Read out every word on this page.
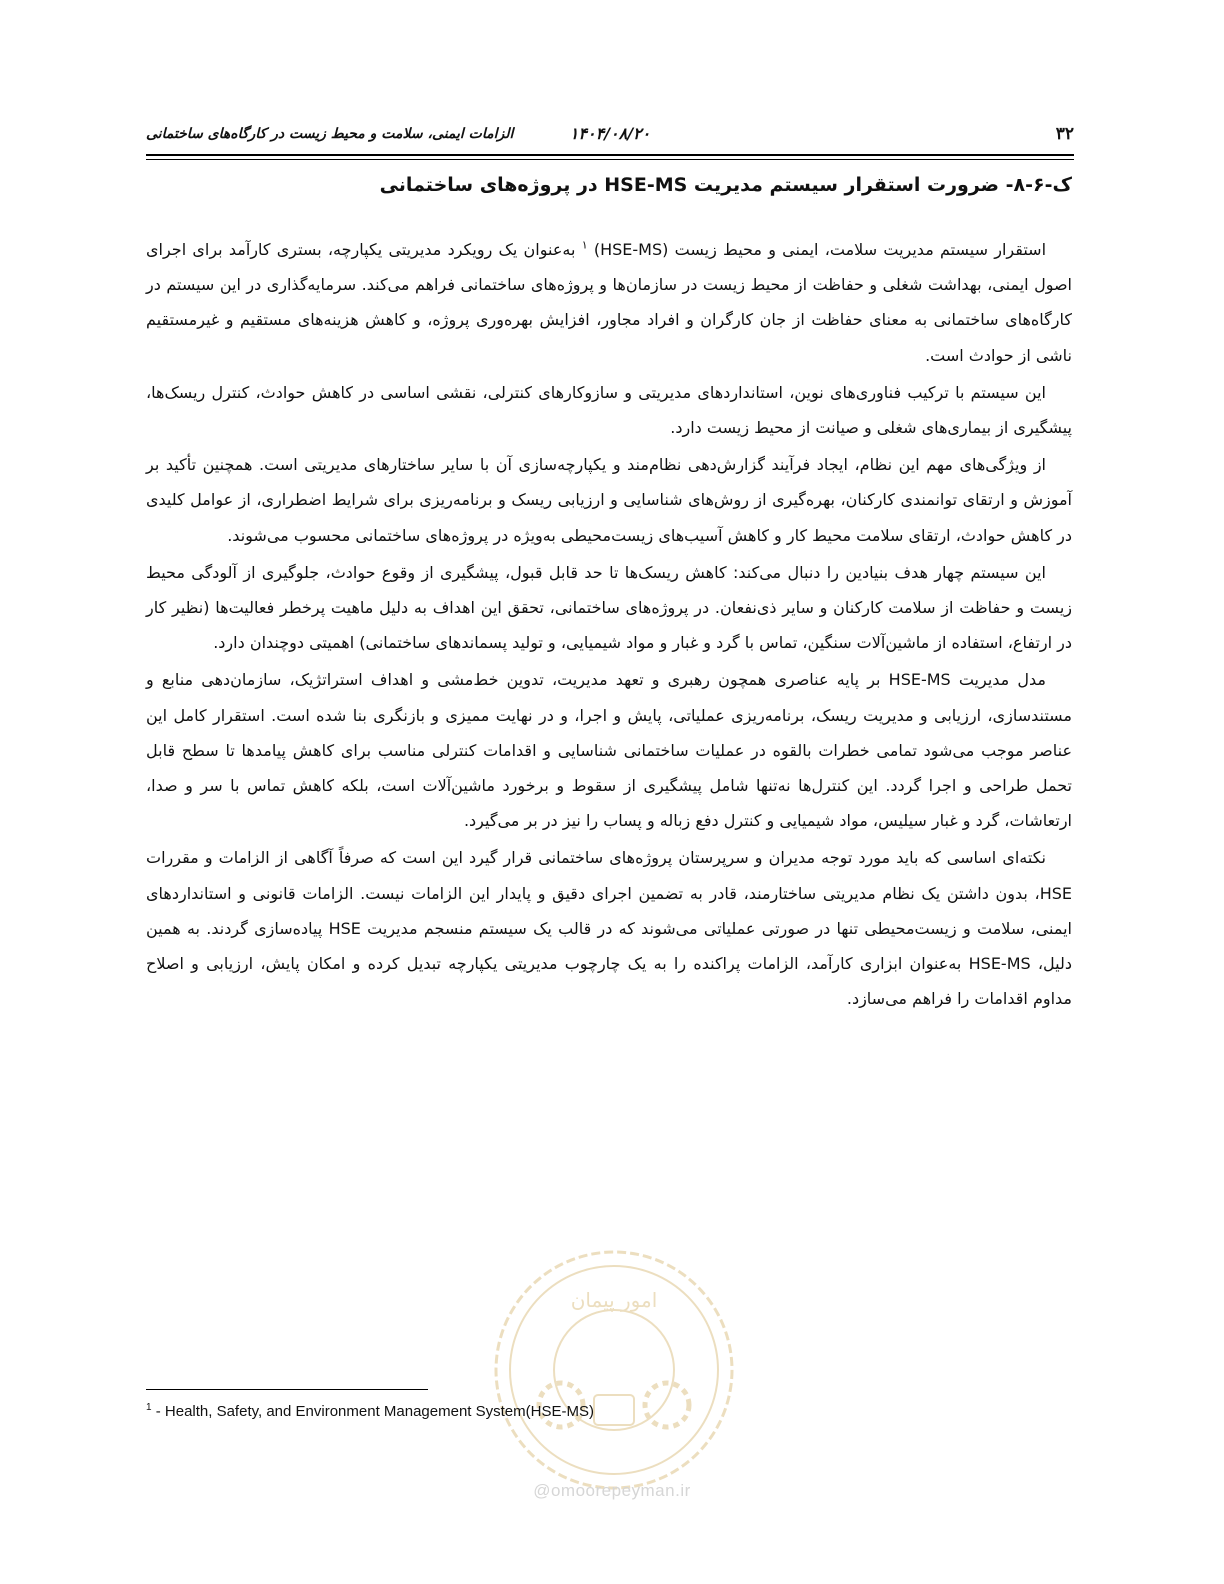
۳۲
۱۴۰۴/۰۸/۲۰
الزامات ایمنی، سلامت و محیط زیست در کارگاه‌های ساختمانی
ک-۶-۸- ضرورت استقرار سیستم مدیریت HSE-MS در پروژه‌های ساختمانی

استقرار سیستم مدیریت سلامت، ایمنی و محیط زیست (HSE-MS) $^۱$ به‌عنوان یک رویکرد مدیریتی یکپارچه، بستری کارآمد برای اجرای اصول ایمنی، بهداشت شغلی و حفاظت از محیط زیست در سازمان‌ها و پروژه‌های ساختمانی فراهم می‌کند. سرمایه‌گذاری در این سیستم در کارگاه‌های ساختمانی به معنای حفاظت از جان کارگران و افراد مجاور، افزایش بهره‌وری پروژه، و کاهش هزینه‌های مستقیم و غیرمستقیم ناشی از حوادث است.

این سیستم با ترکیب فناوری‌های نوین، استانداردهای مدیریتی و سازوکارهای کنترلی، نقشی اساسی در کاهش حوادث، کنترل ریسک‌ها، پیشگیری از بیماری‌های شغلی و صیانت از محیط زیست دارد.

از ویژگی‌های مهم این نظام، ایجاد فرآیند گزارش‌دهی نظام‌مند و یکپارچه‌سازی آن با سایر ساختارهای مدیریتی است. همچنین تأکید بر آموزش و ارتقای توانمندی کارکنان، بهره‌گیری از روش‌های شناسایی و ارزیابی ریسک و برنامه‌ریزی برای شرایط اضطراری، از عوامل کلیدی در کاهش حوادث، ارتقای سلامت محیط کار و کاهش آسیب‌های زیست‌محیطی به‌ویژه در پروژه‌های ساختمانی محسوب می‌شوند.

این سیستم چهار هدف بنیادین را دنبال می‌کند: کاهش ریسک‌ها تا حد قابل قبول، پیشگیری از وقوع حوادث، جلوگیری از آلودگی محیط زیست و حفاظت از سلامت کارکنان و سایر ذی‌نفعان. در پروژه‌های ساختمانی، تحقق این اهداف به دلیل ماهیت پرخطر فعالیت‌ها (نظیر کار در ارتفاع، استفاده از ماشین‌آلات سنگین، تماس با گرد و غبار و مواد شیمیایی، و تولید پسماندهای ساختمانی) اهمیتی دوچندان دارد.

مدل مدیریت HSE-MS بر پایه عناصری همچون رهبری و تعهد مدیریت، تدوین خط‌مشی و اهداف استراتژیک، سازمان‌دهی منابع و مستندسازی، ارزیابی و مدیریت ریسک، برنامه‌ریزی عملیاتی، پایش و اجرا، و در نهایت ممیزی و بازنگری بنا شده است. استقرار کامل این عناصر موجب می‌شود تمامی خطرات بالقوه در عملیات ساختمانی شناسایی و اقدامات کنترلی مناسب برای کاهش پیامدها تا سطح قابل تحمل طراحی و اجرا گردد. این کنترل‌ها نه‌تنها شامل پیشگیری از سقوط و برخورد ماشین‌آلات است، بلکه کاهش تماس با سر و صدا، ارتعاشات، گرد و غبار سیلیس، مواد شیمیایی و کنترل دفع زباله و پساب را نیز در بر می‌گیرد.

نکته‌ای اساسی که باید مورد توجه مدیران و سرپرستان پروژه‌های ساختمانی قرار گیرد این است که صرفاً آگاهی از الزامات و مقررات HSE، بدون داشتن یک نظام مدیریتی ساختارمند، قادر به تضمین اجرای دقیق و پایدار این الزامات نیست. الزامات قانونی و استانداردهای ایمنی، سلامت و زیست‌محیطی تنها در صورتی عملیاتی می‌شوند که در قالب یک سیستم منسجم مدیریت HSE پیاده‌سازی گردند. به همین دلیل، HSE-MS به‌عنوان ابزاری کارآمد، الزامات پراکنده را به یک چارچوب مدیریتی یکپارچه تبدیل کرده و امکان پایش، ارزیابی و اصلاح مداوم اقدامات را فراهم می‌سازد.

امور پیمان
$^1$ - Health, Safety, and Environment Management System(HSE-MS)
@omoorepeyman.ir
